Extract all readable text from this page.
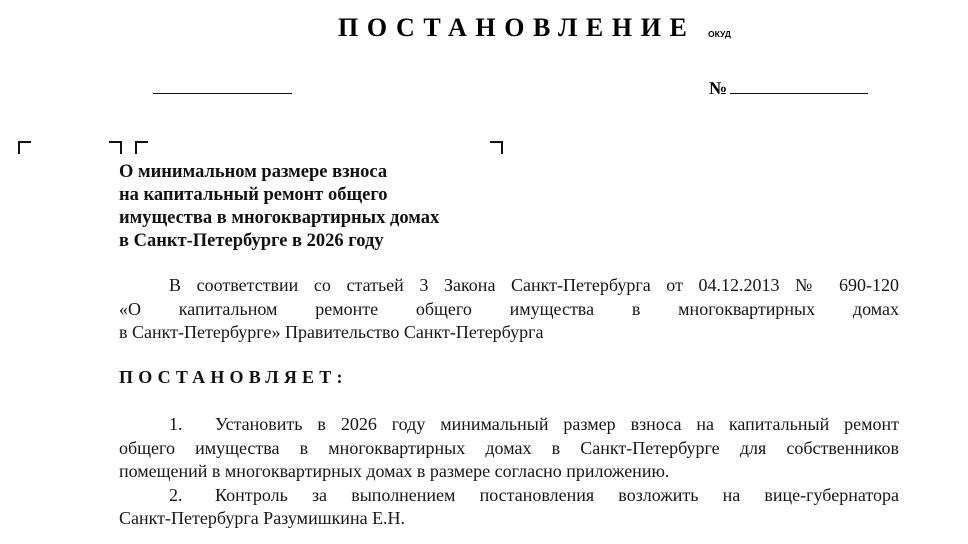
ПОСТАНОВЛЕНИЕ ОКУД
№
О минимальном размере взноса
на капитальный ремонт общего
имущества в многоквартирных домах
в Санкт-Петербурге в 2026 году
В соответствии со статьей 3 Закона Санкт-Петербурга от 04.12.2013 № 690-120
«О капитальном ремонте общего имущества в многоквартирных домах
в Санкт-Петербурге» Правительство Санкт-Петербурга
ПОСТАНОВЛЯЕТ:
1.	Установить в 2026 году минимальный размер взноса на капитальный ремонт
общего имущества в многоквартирных домах в Санкт-Петербурге для собственников
помещений в многоквартирных домах в размере согласно приложению.
2.	Контроль за выполнением постановления возложить на вице-губернатора
Санкт-Петербурга Разумишкина Е.Н.
